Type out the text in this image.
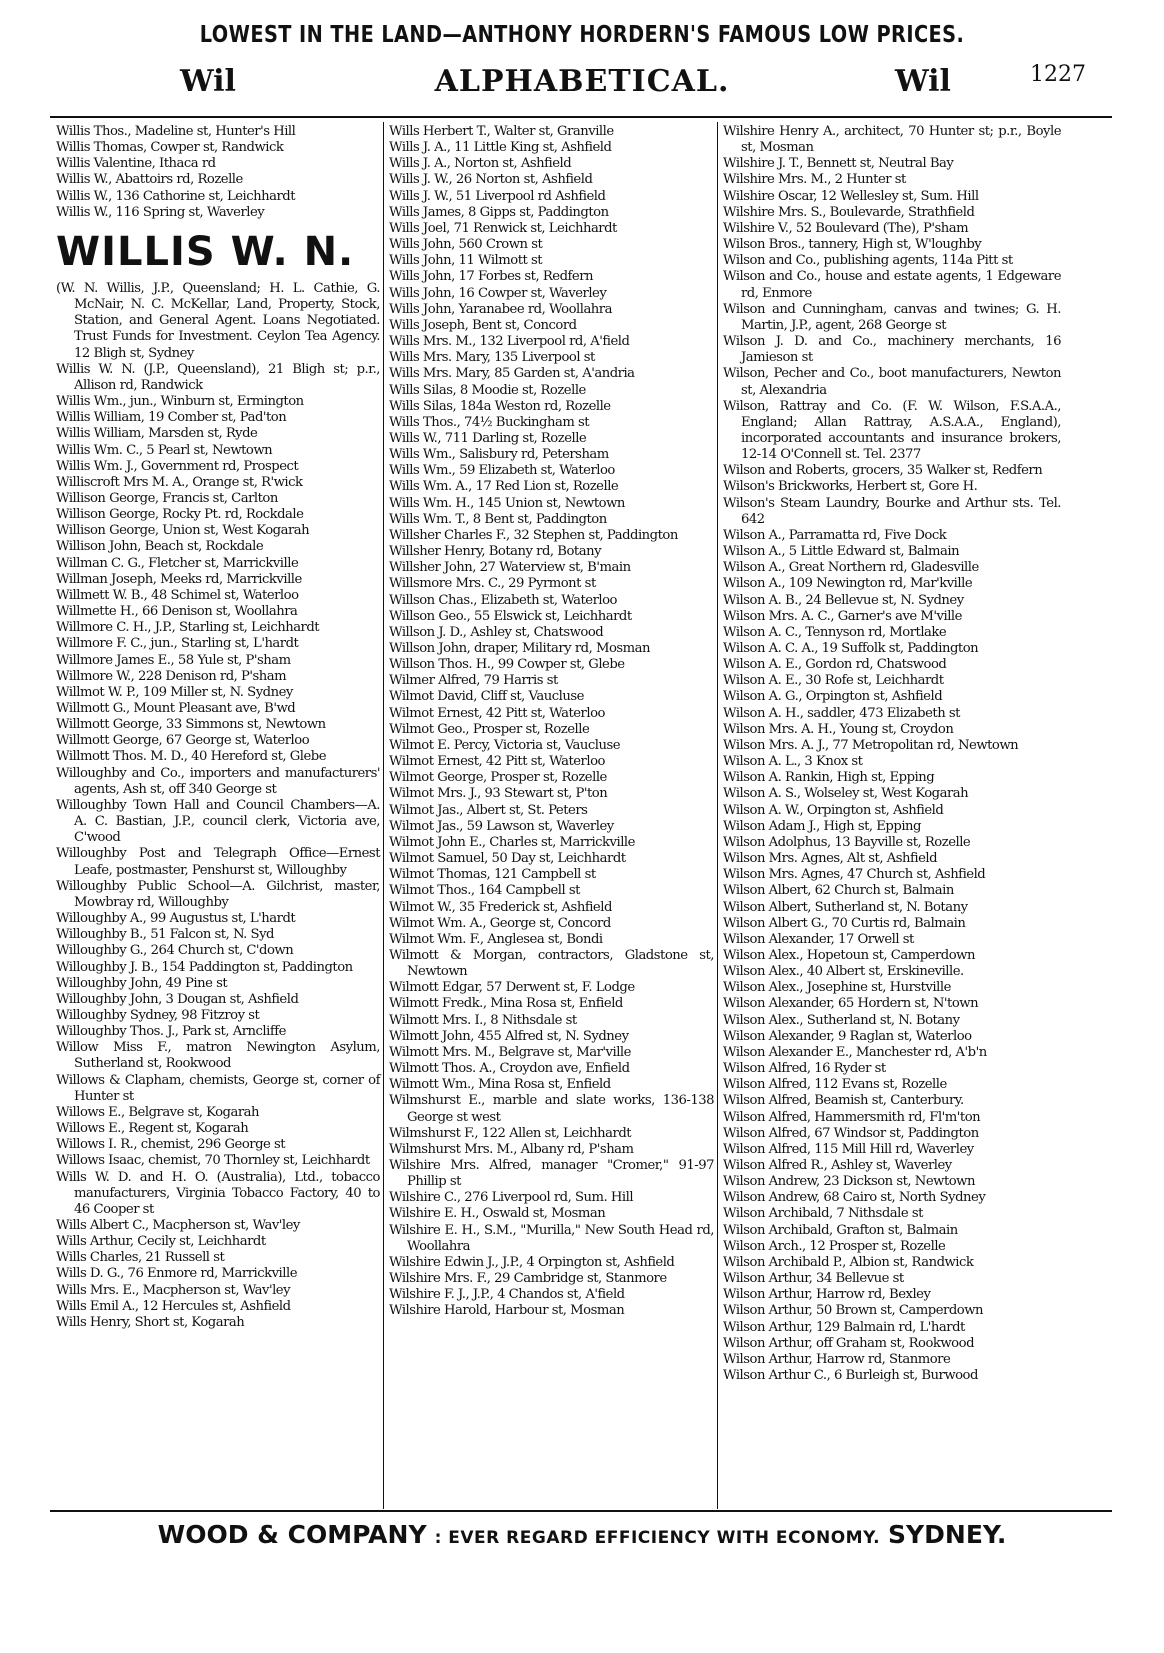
LOWEST IN THE LAND—ANTHONY HORDERN'S FAMOUS LOW PRICES.
Wil	ALPHABETICAL.	Wil	1227
Willis Thos., Madeline st, Hunter's Hill
Willis Thomas, Cowper st, Randwick
Willis Valentine, Ithaca rd
Willis W., Abattoirs rd, Rozelle
Willis W., 136 Cathorine st, Leichhardt
Willis W., 116 Spring st, Waverley
WILLIS W. N.
(W. N. Willis, J.P., Queensland; H. L. Cathie, G. McNair, N. C. McKellar, Land, Property, Stock, Station, and General Agent. Loans Negotiated. Trust Funds for Investment. Ceylon Tea Agency. 12 Bligh st, Sydney
Willis W. N. (J.P., Queensland), 21 Bligh st; p.r., Allison rd, Randwick
Willis Wm., jun., Winburn st, Ermington
Willis William, 19 Comber st, Pad'ton
Willis William, Marsden st, Ryde
Willis Wm. C., 5 Pearl st, Newtown
Willis Wm. J., Government rd, Prospect
Williscroft Mrs M. A., Orange st, R'wick
Willison George, Francis st, Carlton
Willison George, Rocky Pt. rd, Rockdale
Willison George, Union st, West Kogarah
Willison John, Beach st, Rockdale
Willman C. G., Fletcher st, Marrickville
Willman Joseph, Meeks rd, Marrickville
Willmett W. B., 48 Schimel st, Waterloo
Willmette H., 66 Denison st, Woollahra
Willmore C. H., J.P., Starling st, Leichhardt
Willmore F. C., jun., Starling st, L'hardt
Willmore James E., 58 Yule st, P'sham
Willmore W., 228 Denison rd, P'sham
Willmot W. P., 109 Miller st, N. Sydney
Willmott G., Mount Pleasant ave, B'wd
Willmott George, 33 Simmons st, Newtown
Willmott George, 67 George st, Waterloo
Willmott Thos. M. D., 40 Hereford st, Glebe
Willoughby and Co., importers and manufacturers' agents, Ash st, off 340 George st
Willoughby Town Hall and Council Chambers—A. A. C. Bastian, J.P., council clerk, Victoria ave, C'wood
Willoughby Post and Telegraph Office—Ernest Leafe, postmaster, Penshurst st, Willoughby
Willoughby Public School—A. Gilchrist, master, Mowbray rd, Willoughby
Willoughby A., 99 Augustus st, L'hardt
Willoughby B., 51 Falcon st, N. Syd
Willoughby G., 264 Church st, C'down
Willoughby J. B., 154 Paddington st, Paddington
Willoughby John, 49 Pine st
Willoughby John, 3 Dougan st, Ashfield
Willoughby Sydney, 98 Fitzroy st
Willoughby Thos. J., Park st, Arncliffe
Willow Miss F., matron Newington Asylum, Sutherland st, Rookwood
Willows & Clapham, chemists, George st, corner of Hunter st
Willows E., Belgrave st, Kogarah
Willows E., Regent st, Kogarah
Willows I. R., chemist, 296 George st
Willows Isaac, chemist, 70 Thornley st, Leichhardt
Wills W. D. and H. O. (Australia), Ltd., tobacco manufacturers, Virginia Tobacco Factory, 40 to 46 Cooper st
Wills Albert C., Macpherson st, Wav'ley
Wills Arthur, Cecily st, Leichhardt
Wills Charles, 21 Russell st
Wills D. G., 76 Enmore rd, Marrickville
Wills Mrs. E., Macpherson st, Wav'ley
Wills Emil A., 12 Hercules st, Ashfield
Wills Henry, Short st, Kogarah
Wills Herbert T., Walter st, Granville
Wills J. A., 11 Little King st, Ashfield
Wills J. A., Norton st, Ashfield
Wills J. W., 26 Norton st, Ashfield
Wills J. W., 51 Liverpool rd Ashfield
Wills James, 8 Gipps st, Paddington
Wills Joel, 71 Renwick st, Leichhardt
Wills John, 560 Crown st
Wills John, 11 Wilmott st
Wills John, 17 Forbes st, Redfern
Wills John, 16 Cowper st, Waverley
Wills John, Yaranabee rd, Woollahra
Wills Joseph, Bent st, Concord
Wills Mrs. M., 132 Liverpool rd, A'field
Wills Mrs. Mary, 135 Liverpool st
Wills Mrs. Mary, 85 Garden st, A'andria
Wills Silas, 8 Moodie st, Rozelle
Wills Silas, 184a Weston rd, Rozelle
Wills Thos., 74½ Buckingham st
Wills W., 711 Darling st, Rozelle
Wills Wm., Salisbury rd, Petersham
Wills Wm., 59 Elizabeth st, Waterloo
Wills Wm. A., 17 Red Lion st, Rozelle
Wills Wm. H., 145 Union st, Newtown
Wills Wm. T., 8 Bent st, Paddington
Willsher Charles F., 32 Stephen st, Paddington
Willsher Henry, Botany rd, Botany
Willsher John, 27 Waterview st, B'main
Willsmore Mrs. C., 29 Pyrmont st
Willson Chas., Elizabeth st, Waterloo
Willson Geo., 55 Elswick st, Leichhardt
Willson J. D., Ashley st, Chatswood
Willson John, draper, Military rd, Mosman
Willson Thos. H., 99 Cowper st, Glebe
Wilmer Alfred, 79 Harris st
Wilmot David, Cliff st, Vaucluse
Wilmot Ernest, 42 Pitt st, Waterloo
Wilmot Geo., Prosper st, Rozelle
Wilmot E. Percy, Victoria st, Vaucluse
Wilmot Ernest, 42 Pitt st, Waterloo
Wilmot George, Prosper st, Rozelle
Wilmot Mrs. J., 93 Stewart st, P'ton
Wilmot Jas., Albert st, St. Peters
Wilmot Jas., 59 Lawson st, Waverley
Wilmot John E., Charles st, Marrickville
Wilmot Samuel, 50 Day st, Leichhardt
Wilmot Thomas, 121 Campbell st
Wilmot Thos., 164 Campbell st
Wilmot W., 35 Frederick st, Ashfield
Wilmot Wm. A., George st, Concord
Wilmot Wm. F., Anglesea st, Bondi
Wilmott & Morgan, contractors, Gladstone st, Newtown
Wilmott Edgar, 57 Derwent st, F. Lodge
Wilmott Fredk., Mina Rosa st, Enfield
Wilmott Mrs. I., 8 Nithsdale st
Wilmott John, 455 Alfred st, N. Sydney
Wilmott Mrs. M., Belgrave st, Mar'ville
Wilmott Thos. A., Croydon ave, Enfield
Wilmott Wm., Mina Rosa st, Enfield
Wilmshurst E., marble and slate works, 136-138 George st west
Wilmshurst F., 122 Allen st, Leichhardt
Wilmshurst Mrs. M., Albany rd, P'sham
Wilshire Mrs. Alfred, manager "Cromer," 91-97 Phillip st
Wilshire C., 276 Liverpool rd, Sum. Hill
Wilshire E. H., Oswald st, Mosman
Wilshire E. H., S.M., "Murilla," New South Head rd, Woollahra
Wilshire Edwin J., J.P., 4 Orpington st, Ashfield
Wilshire Mrs. F., 29 Cambridge st, Stanmore
Wilshire F. J., J.P., 4 Chandos st, A'field
Wilshire Harold, Harbour st, Mosman
Wilshire Henry A., architect, 70 Hunter st; p.r., Boyle st, Mosman
Wilshire J. T., Bennett st, Neutral Bay
Wilshire Mrs. M., 2 Hunter st
Wilshire Oscar, 12 Wellesley st, Sum. Hill
Wilshire Mrs. S., Boulevarde, Strathfield
Wilshire V., 52 Boulevard (The), P'sham
Wilson Bros., tannery, High st, W'loughby
Wilson and Co., publishing agents, 114a Pitt st
Wilson and Co., house and estate agents, 1 Edgeware rd, Enmore
Wilson and Cunningham, canvas and twines; G. H. Martin, J.P., agent, 268 George st
Wilson J. D. and Co., machinery merchants, 16 Jamieson st
Wilson, Pecher and Co., boot manufacturers, Newton st, Alexandria
Wilson, Rattray and Co. (F. W. Wilson, F.S.A.A., England; Allan Rattray, A.S.A.A., England), incorporated accountants and insurance brokers, 12-14 O'Connell st. Tel. 2377
Wilson and Roberts, grocers, 35 Walker st, Redfern
Wilson's Brickworks, Herbert st, Gore H.
Wilson's Steam Laundry, Bourke and Arthur sts. Tel. 642
Wilson A., Parramatta rd, Five Dock
Wilson A., 5 Little Edward st, Balmain
Wilson A., Great Northern rd, Gladesville
Wilson A., 109 Newington rd, Mar'kville
Wilson A. B., 24 Bellevue st, N. Sydney
Wilson Mrs. A. C., Garner's ave M'ville
Wilson A. C., Tennyson rd, Mortlake
Wilson A. C. A., 19 Suffolk st, Paddington
Wilson A. E., Gordon rd, Chatswood
Wilson A. E., 30 Rofe st, Leichhardt
Wilson A. G., Orpington st, Ashfield
Wilson A. H., saddler, 473 Elizabeth st
Wilson Mrs. A. H., Young st, Croydon
Wilson Mrs. A. J., 77 Metropolitan rd, Newtown
Wilson A. L., 3 Knox st
Wilson A. Rankin, High st, Epping
Wilson A. S., Wolseley st, West Kogarah
Wilson A. W., Orpington st, Ashfield
Wilson Adam J., High st, Epping
Wilson Adolphus, 13 Bayville st, Rozelle
Wilson Mrs. Agnes, Alt st, Ashfield
Wilson Mrs. Agnes, 47 Church st, Ashfield
Wilson Albert, 62 Church st, Balmain
Wilson Albert, Sutherland st, N. Botany
Wilson Albert G., 70 Curtis rd, Balmain
Wilson Alexander, 17 Orwell st
Wilson Alex., Hopetoun st, Camperdown
Wilson Alex., 40 Albert st, Erskineville.
Wilson Alex., Josephine st, Hurstville
Wilson Alexander, 65 Hordern st, N'town
Wilson Alex., Sutherland st, N. Botany
Wilson Alexander, 9 Raglan st, Waterloo
Wilson Alexander E., Manchester rd, A'b'n
Wilson Alfred, 16 Ryder st
Wilson Alfred, 112 Evans st, Rozelle
Wilson Alfred, Beamish st, Canterbury.
Wilson Alfred, Hammersmith rd, Fl'm'ton
Wilson Alfred, 67 Windsor st, Paddington
Wilson Alfred, 115 Mill Hill rd, Waverley
Wilson Alfred R., Ashley st, Waverley
Wilson Andrew, 23 Dickson st, Newtown
Wilson Andrew, 68 Cairo st, North Sydney
Wilson Archibald, 7 Nithsdale st
Wilson Archibald, Grafton st, Balmain
Wilson Arch., 12 Prosper st, Rozelle
Wilson Archibald P., Albion st, Randwick
Wilson Arthur, 34 Bellevue st
Wilson Arthur, Harrow rd, Bexley
Wilson Arthur, 50 Brown st, Camperdown
Wilson Arthur, 129 Balmain rd, L'hardt
Wilson Arthur, off Graham st, Rookwood
Wilson Arthur, Harrow rd, Stanmore
Wilson Arthur C., 6 Burleigh st, Burwood
WOOD & COMPANY : EVER REGARD EFFICIENCY WITH ECONOMY. SYDNEY.
